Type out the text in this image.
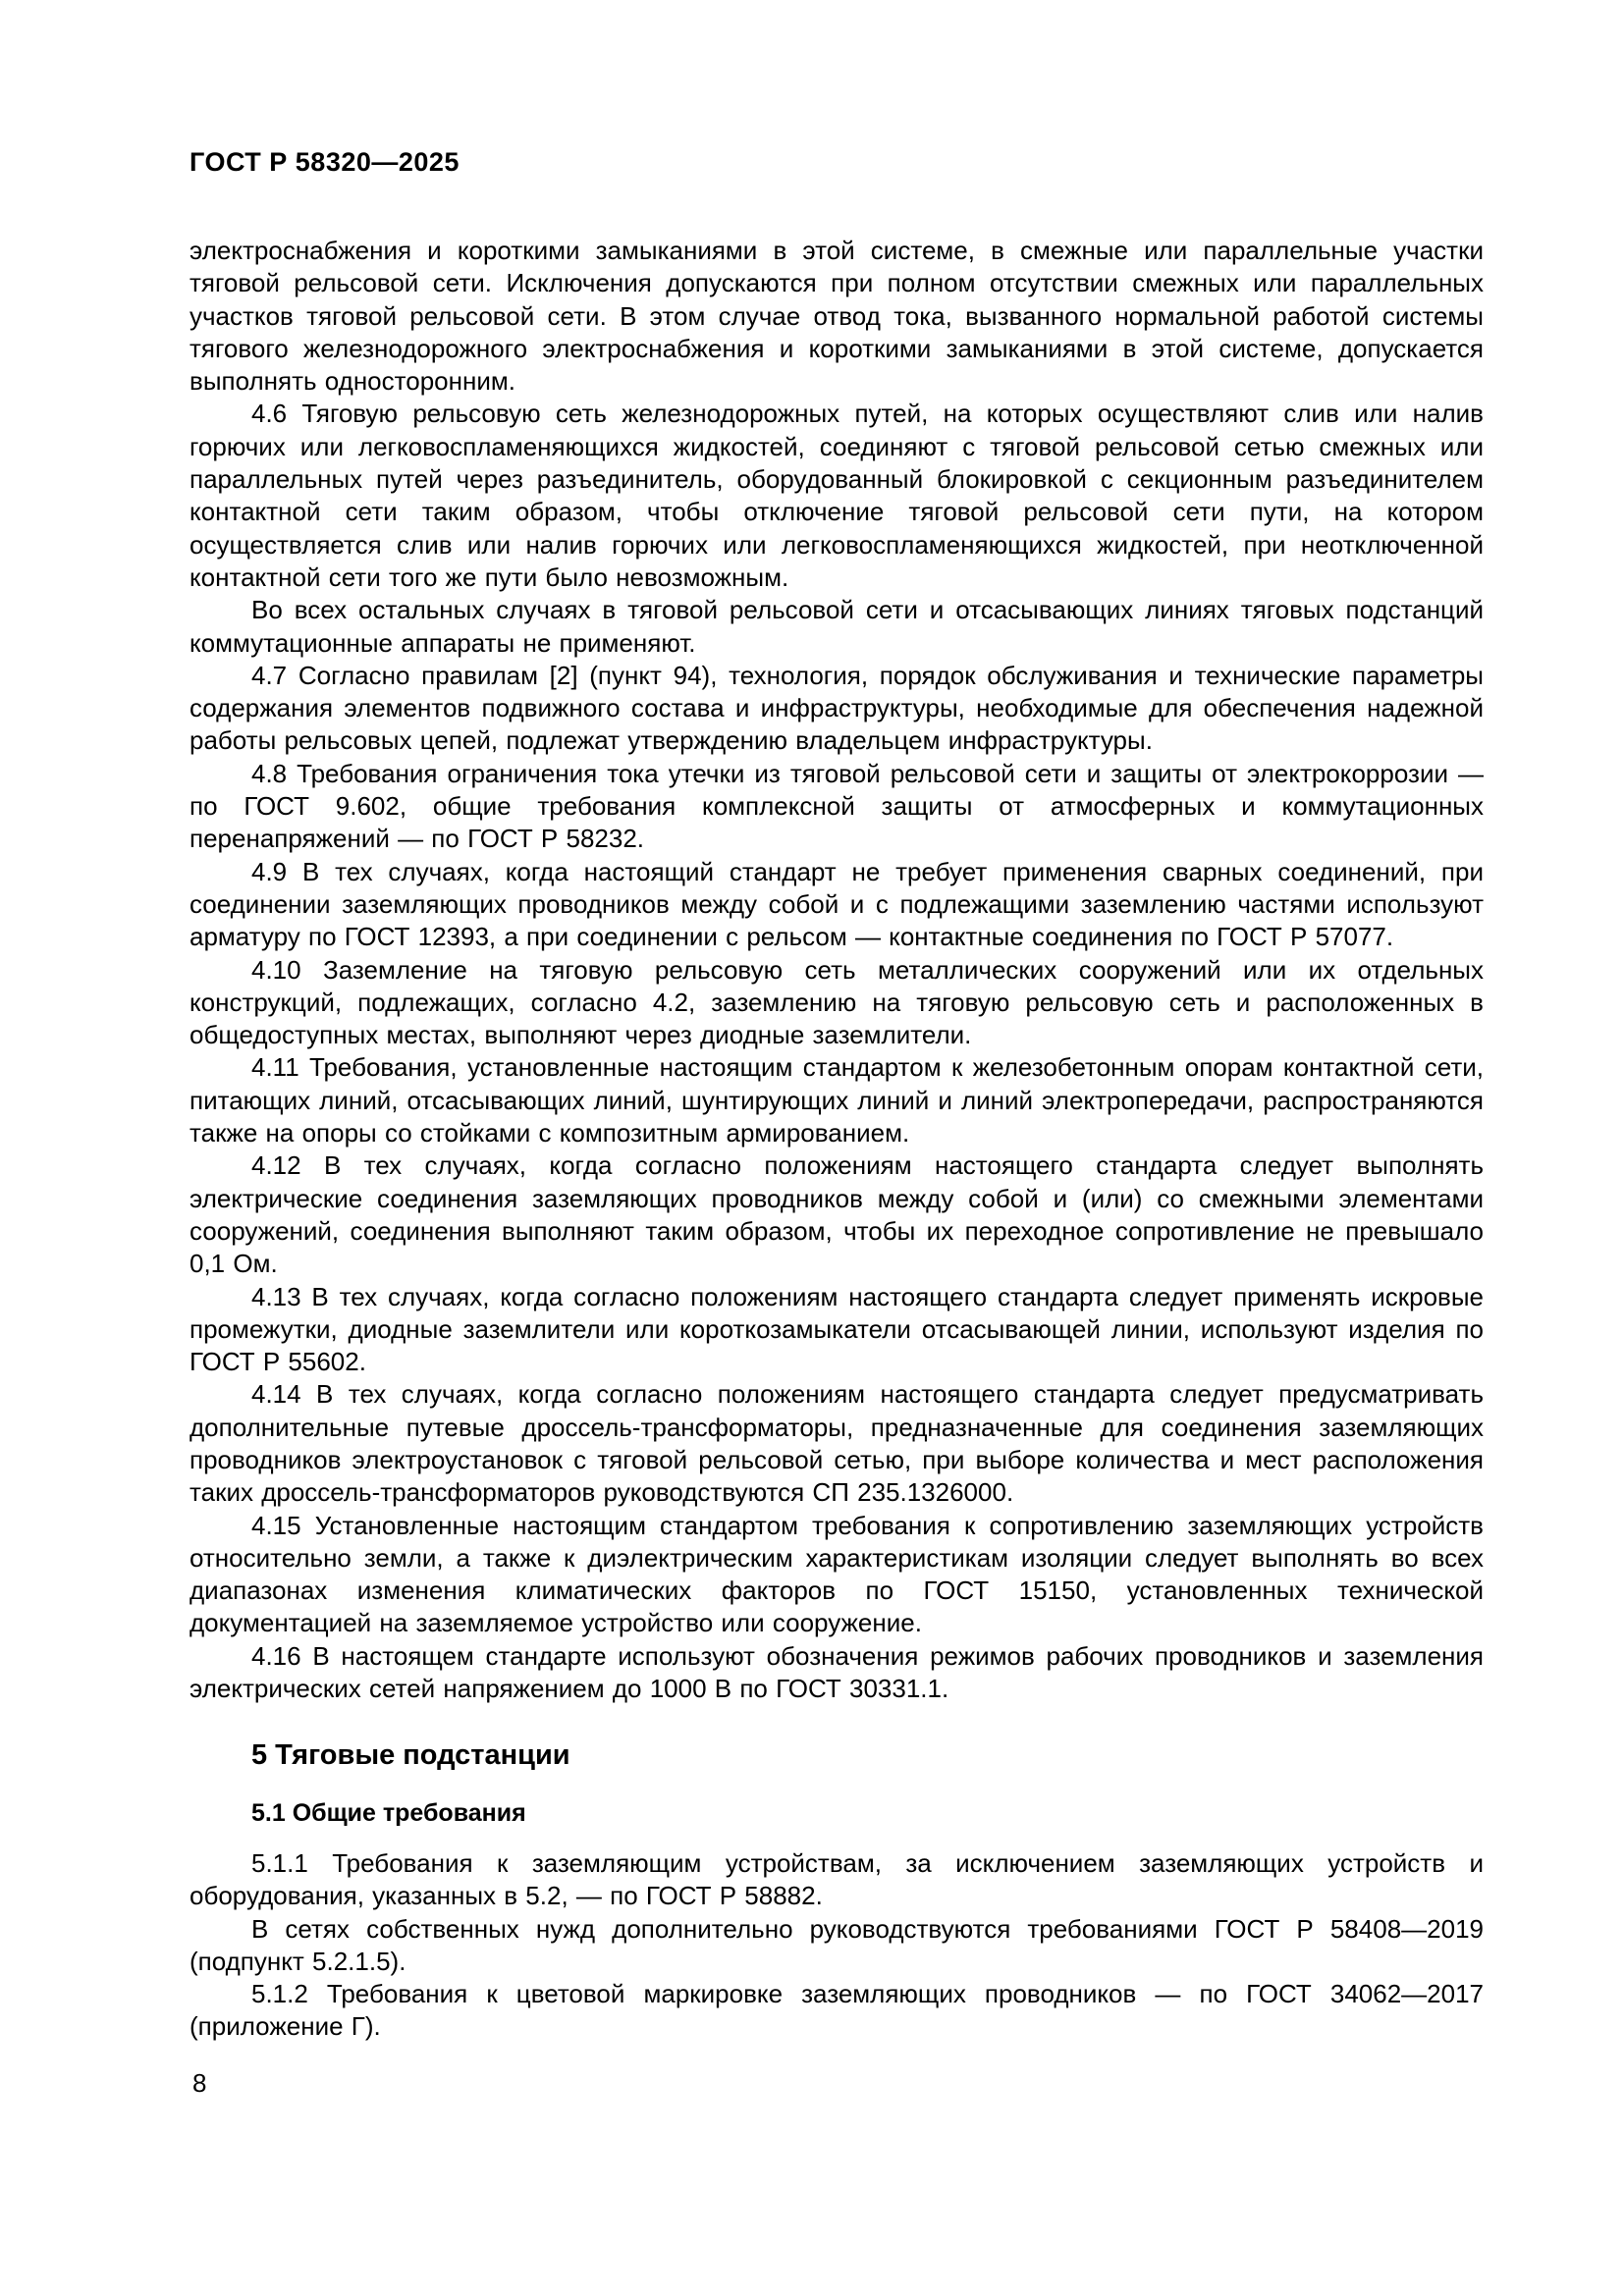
ГОСТ Р 58320—2025

электроснабжения и короткими замыканиями в этой системе, в смежные или параллельные участки тяговой рельсовой сети. Исключения допускаются при полном отсутствии смежных или параллельных участков тяговой рельсовой сети. В этом случае отвод тока, вызванного нормальной работой системы тягового железнодорожного электроснабжения и короткими замыканиями в этой системе, допускается выполнять односторонним.

4.6 Тяговую рельсовую сеть железнодорожных путей, на которых осуществляют слив или налив горючих или легковоспламеняющихся жидкостей, соединяют с тяговой рельсовой сетью смежных или параллельных путей через разъединитель, оборудованный блокировкой с секционным разъединителем контактной сети таким образом, чтобы отключение тяговой рельсовой сети пути, на котором осуществляется слив или налив горючих или легковоспламеняющихся жидкостей, при неотключенной контактной сети того же пути было невозможным.

Во всех остальных случаях в тяговой рельсовой сети и отсасывающих линиях тяговых подстанций коммутационные аппараты не применяют.

4.7 Согласно правилам [2] (пункт 94), технология, порядок обслуживания и технические параметры содержания элементов подвижного состава и инфраструктуры, необходимые для обеспечения надежной работы рельсовых цепей, подлежат утверждению владельцем инфраструктуры.

4.8 Требования ограничения тока утечки из тяговой рельсовой сети и защиты от электрокоррозии — по ГОСТ 9.602, общие требования комплексной защиты от атмосферных и коммутационных перенапряжений — по ГОСТ Р 58232.

4.9 В тех случаях, когда настоящий стандарт не требует применения сварных соединений, при соединении заземляющих проводников между собой и с подлежащими заземлению частями используют арматуру по ГОСТ 12393, а при соединении с рельсом — контактные соединения по ГОСТ Р 57077.

4.10 Заземление на тяговую рельсовую сеть металлических сооружений или их отдельных конструкций, подлежащих, согласно 4.2, заземлению на тяговую рельсовую сеть и расположенных в общедоступных местах, выполняют через диодные заземлители.

4.11 Требования, установленные настоящим стандартом к железобетонным опорам контактной сети, питающих линий, отсасывающих линий, шунтирующих линий и линий электропередачи, распространяются также на опоры со стойками с композитным армированием.

4.12 В тех случаях, когда согласно положениям настоящего стандарта следует выполнять электрические соединения заземляющих проводников между собой и (или) со смежными элементами сооружений, соединения выполняют таким образом, чтобы их переходное сопротивление не превышало 0,1 Ом.

4.13 В тех случаях, когда согласно положениям настоящего стандарта следует применять искровые промежутки, диодные заземлители или короткозамыкатели отсасывающей линии, используют изделия по ГОСТ Р 55602.

4.14 В тех случаях, когда согласно положениям настоящего стандарта следует предусматривать дополнительные путевые дроссель-трансформаторы, предназначенные для соединения заземляющих проводников электроустановок с тяговой рельсовой сетью, при выборе количества и мест расположения таких дроссель-трансформаторов руководствуются СП 235.1326000.

4.15 Установленные настоящим стандартом требования к сопротивлению заземляющих устройств относительно земли, а также к диэлектрическим характеристикам изоляции следует выполнять во всех диапазонах изменения климатических факторов по ГОСТ 15150, установленных технической документацией на заземляемое устройство или сооружение.

4.16 В настоящем стандарте используют обозначения режимов рабочих проводников и заземления электрических сетей напряжением до 1000 В по ГОСТ 30331.1.

5 Тяговые подстанции
5.1 Общие требования

5.1.1 Требования к заземляющим устройствам, за исключением заземляющих устройств и оборудования, указанных в 5.2, — по ГОСТ Р 58882.

В сетях собственных нужд дополнительно руководствуются требованиями ГОСТ Р 58408—2019 (подпункт 5.2.1.5).

5.1.2 Требования к цветовой маркировке заземляющих проводников — по ГОСТ 34062—2017 (приложение Г).

8
